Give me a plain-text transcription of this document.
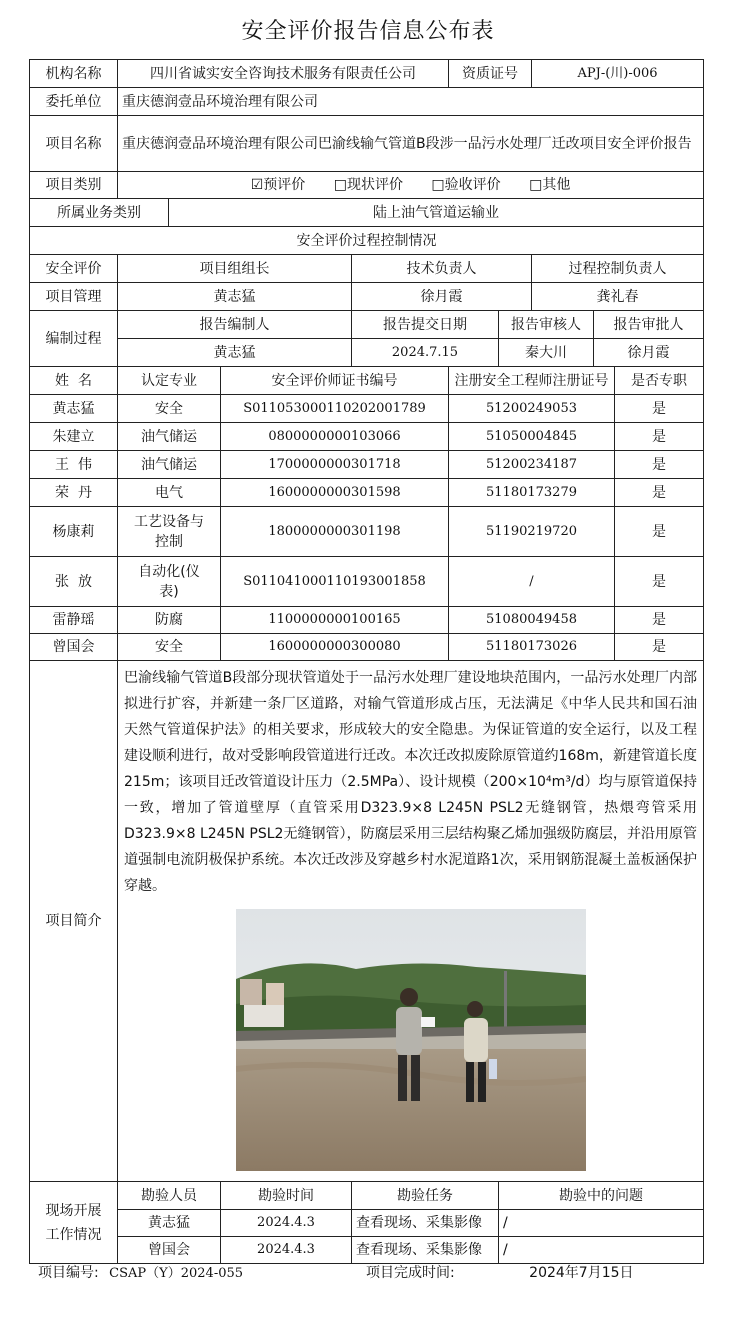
安全评价报告信息公布表
机构名称	四川省诚实安全咨询技术服务有限责任公司				资质证号		APJ-(川)-006		
委托单位	重庆德润壹品环境治理有限公司								
项目名称	重庆德润壹品环境治理有限公司巴渝线输气管道B段涉一品污水处理厂迁改项目安全评价报告								
项目类别	☑预评价 □现状评价 □验收评价 □其他								
所属业务类别		陆上油气管道运输业							
安全评价过程控制情况									
安全评价	项目组组长			技术负责人			过程控制负责人		
项目管理	黄志猛			徐月霞			龚礼春		
编制过程	报告编制人			报告提交日期		报告审核人		报告审批人	
	黄志猛			2024.7.15		秦大川		徐月霞	
姓  名	认定专业		安全评价师证书编号		注册安全工程师注册证号				是否专职
黄志猛	安全		S011053000110202001789		51200249053				是
朱建立	油气储运		0800000000103066		51050004845				是
王  伟	油气储运		1700000000301718		51200234187				是
荣  丹	电气		1600000000301598		51180173279				是
杨康莉	工艺设备与控制		1800000000301198		51190219720				是
张  放	自动化(仪表)		S011041000110193001858		/				是
雷静瑶	防腐		1100000000100165		51080049458				是
曾国会	安全		1600000000300080		51180173026				是
项目简介	巴渝线输气管道B段部分现状管道处于一品污水处理厂建设地块范围内，一品污水处理厂内部拟进行扩容，并新建一条厂区道路，对输气管道形成占压，无法满足《中华人民共和国石油天然气管道保护法》的相关要求，形成较大的安全隐患。为保证管道的安全运行，以及工程建设顺利进行，故对受影响段管道进行迁改。本次迁改拟废除原管道约168m，新建管道长度215m；该项目迁改管道设计压力（2.5MPa）、设计规模（200×10⁴m³/d）均与原管道保持一致，增加了管道壁厚（直管采用D323.9×8 L245N PSL2无缝钢管，热煨弯管采用D323.9×8 L245N PSL2无缝钢管），防腐层采用三层结构聚乙烯加强级防腐层，并沿用原管道强制电流阴极保护系统。本次迁改涉及穿越乡村水泥道路1次，采用钢筋混凝土盖板涵保护穿越。								

现场开展
工作情况	勘验人员		勘验时间	勘验任务		勘验中的问题			
	黄志猛		2024.4.3	查看现场、采集影像		/			
	曾国会		2024.4.3	查看现场、采集影像		/			
项目编号: CSAP（Y）2024-055	项目完成时间:	2024年7月15日
